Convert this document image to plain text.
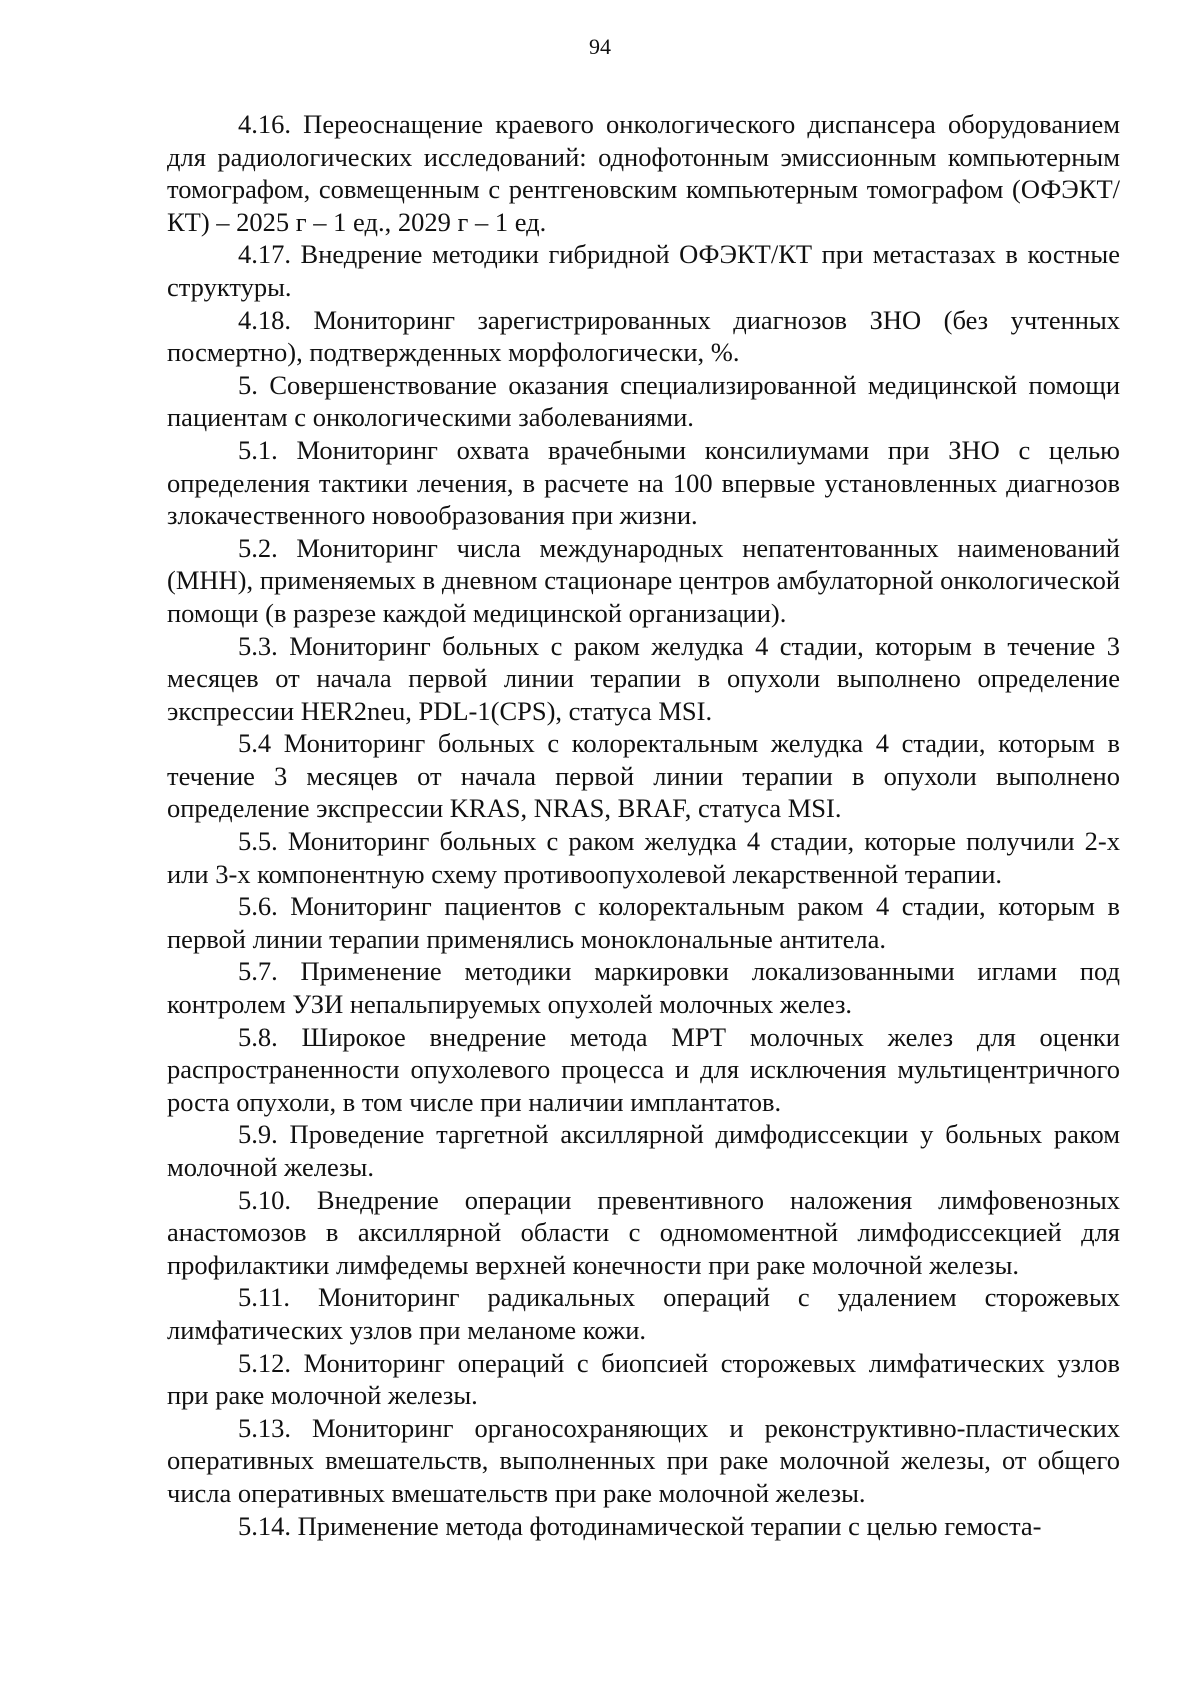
94

4.16. Переоснащение краевого онкологического диспансера оборудованием для радиологических исследований: однофотонным эмиссионным компьютерным томографом, совмещенным с рентгеновским компьютерным томографом (ОФЭКТ/КТ) – 2025 г – 1 ед., 2029 г – 1 ед.

4.17. Внедрение методики гибридной ОФЭКТ/КТ при метастазах в костные структуры.

4.18. Мониторинг зарегистрированных диагнозов ЗНО (без учтенных посмертно), подтвержденных морфологически, %.

5. Совершенствование оказания специализированной медицинской помощи пациентам с онкологическими заболеваниями.

5.1. Мониторинг охвата врачебными консилиумами при ЗНО с целью определения тактики лечения, в расчете на 100 впервые установленных диагнозов злокачественного новообразования при жизни.

5.2. Мониторинг числа международных непатентованных наименований (МНН), применяемых в дневном стационаре центров амбулаторной онкологической помощи (в разрезе каждой медицинской организации).

5.3. Мониторинг больных с раком желудка 4 стадии, которым в течение 3 месяцев от начала первой линии терапии в опухоли выполнено определение экспрессии HER2neu, PDL-1(CPS), статуса MSI.

5.4 Мониторинг больных с колоректальным желудка 4 стадии, которым в течение 3 месяцев от начала первой линии терапии в опухоли выполнено определение экспрессии KRAS, NRAS, BRAF, статуса MSI.

5.5. Мониторинг больных с раком желудка 4 стадии, которые получили 2-х или 3-х компонентную схему противоопухолевой лекарственной терапии.

5.6. Мониторинг пациентов с колоректальным раком 4 стадии, которым в первой линии терапии применялись моноклональные антитела.

5.7. Применение методики маркировки локализованными иглами под контролем УЗИ непальпируемых опухолей молочных желез.

5.8. Широкое внедрение метода МРТ молочных желез для оценки распространенности опухолевого процесса и для исключения мультицентричного роста опухоли, в том числе при наличии имплантатов.

5.9. Проведение таргетной аксиллярной димфодиссекции у больных раком молочной железы.

5.10. Внедрение операции превентивного наложения лимфовенозных анастомозов в аксиллярной области с одномоментной лимфодиссекцией для профилактики лимфедемы верхней конечности при раке молочной железы.

5.11. Мониторинг радикальных операций с удалением сторожевых лимфатических узлов при меланоме кожи.

5.12. Мониторинг операций с биопсией сторожевых лимфатических узлов при раке молочной железы.

5.13. Мониторинг органосохраняющих и реконструктивно-пластических оперативных вмешательств, выполненных при раке молочной железы, от общего числа оперативных вмешательств при раке молочной железы.

5.14. Применение метода фотодинамической терапии с целью гемоста-
